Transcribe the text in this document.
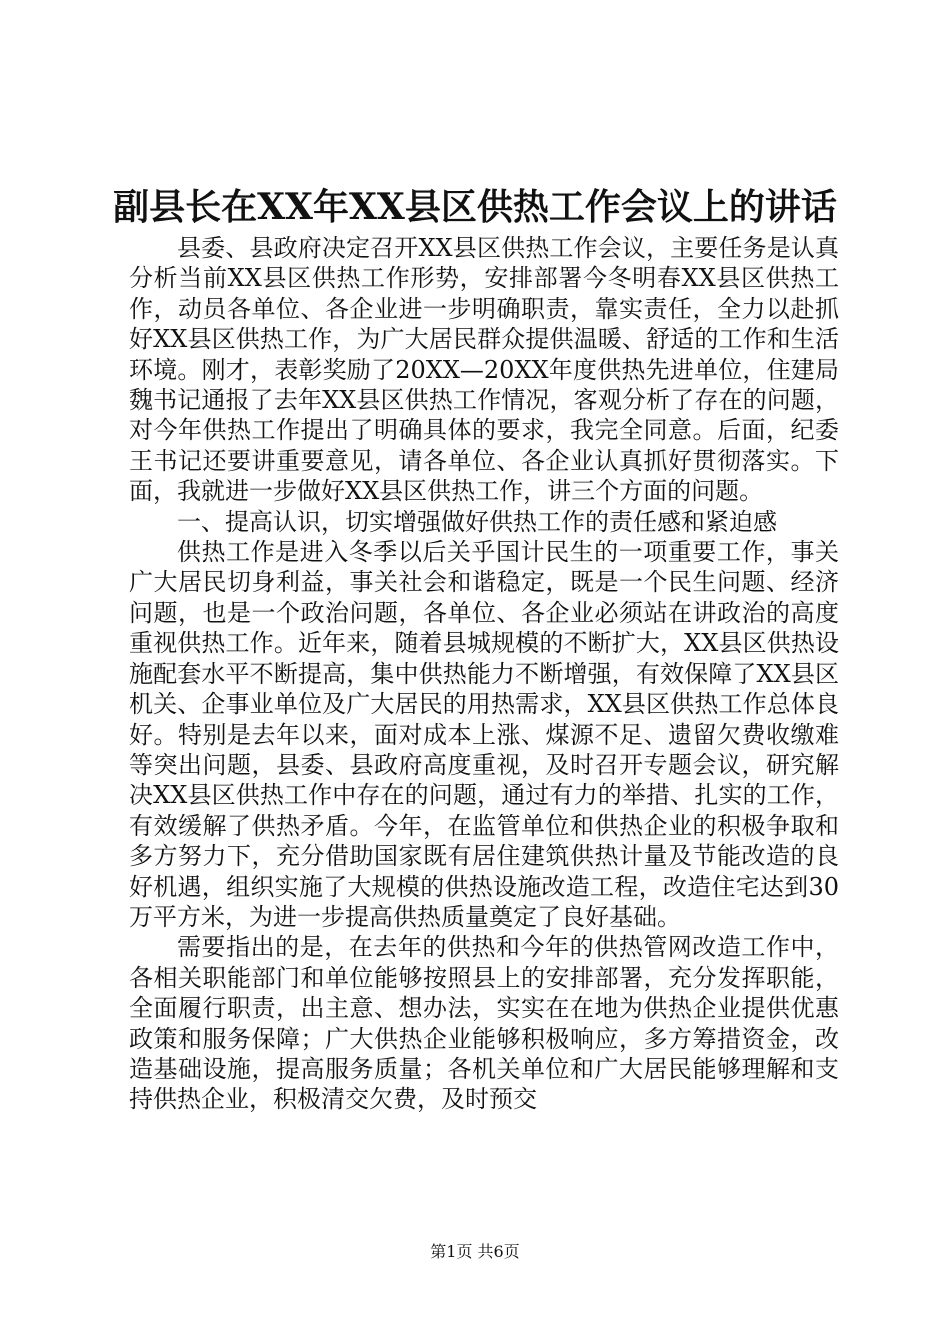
副县长在XX年XX县区供热工作会议上的讲话

县委、县政府决定召开XX县区供热工作会议，主要任务是认真分析当前XX县区供热工作形势，安排部署今冬明春XX县区供热工作，动员各单位、各企业进一步明确职责，靠实责任，全力以赴抓好XX县区供热工作，为广大居民群众提供温暖、舒适的工作和生活环境。刚才，表彰奖励了20XX—20XX年度供热先进单位，住建局魏书记通报了去年XX县区供热工作情况，客观分析了存在的问题，对今年供热工作提出了明确具体的要求，我完全同意。后面，纪委王书记还要讲重要意见，请各单位、各企业认真抓好贯彻落实。下面，我就进一步做好XX县区供热工作，讲三个方面的问题。

一、提高认识，切实增强做好供热工作的责任感和紧迫感

供热工作是进入冬季以后关乎国计民生的一项重要工作，事关广大居民切身利益，事关社会和谐稳定，既是一个民生问题、经济问题，也是一个政治问题，各单位、各企业必须站在讲政治的高度重视供热工作。近年来，随着县城规模的不断扩大，XX县区供热设施配套水平不断提高，集中供热能力不断增强，有效保障了XX县区机关、企事业单位及广大居民的用热需求，XX县区供热工作总体良好。特别是去年以来，面对成本上涨、煤源不足、遗留欠费收缴难等突出问题，县委、县政府高度重视，及时召开专题会议，研究解决XX县区供热工作中存在的问题，通过有力的举措、扎实的工作，有效缓解了供热矛盾。今年，在监管单位和供热企业的积极争取和多方努力下，充分借助国家既有居住建筑供热计量及节能改造的良好机遇，组织实施了大规模的供热设施改造工程，改造住宅达到30万平方米，为进一步提高供热质量奠定了良好基础。

需要指出的是，在去年的供热和今年的供热管网改造工作中，各相关职能部门和单位能够按照县上的安排部署，充分发挥职能，全面履行职责，出主意、想办法，实实在在地为供热企业提供优惠政策和服务保障；广大供热企业能够积极响应，多方筹措资金，改造基础设施，提高服务质量；各机关单位和广大居民能够理解和支持供热企业，积极清交欠费，及时预交

第1页 共6页
